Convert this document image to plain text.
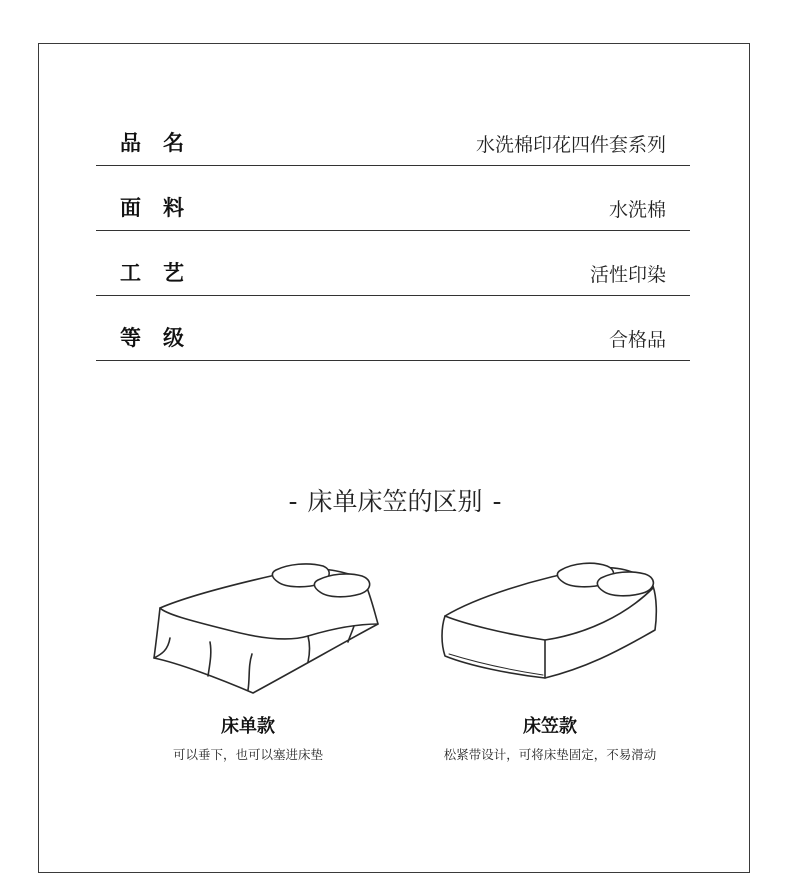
品名	水洗棉印花四件套系列
面料	水洗棉
工艺	活性印染
等级	合格品
- 床单床笠的区别 -
床单款
可以垂下，也可以塞进床垫
床笠款
松紧带设计，可将床垫固定，不易滑动
